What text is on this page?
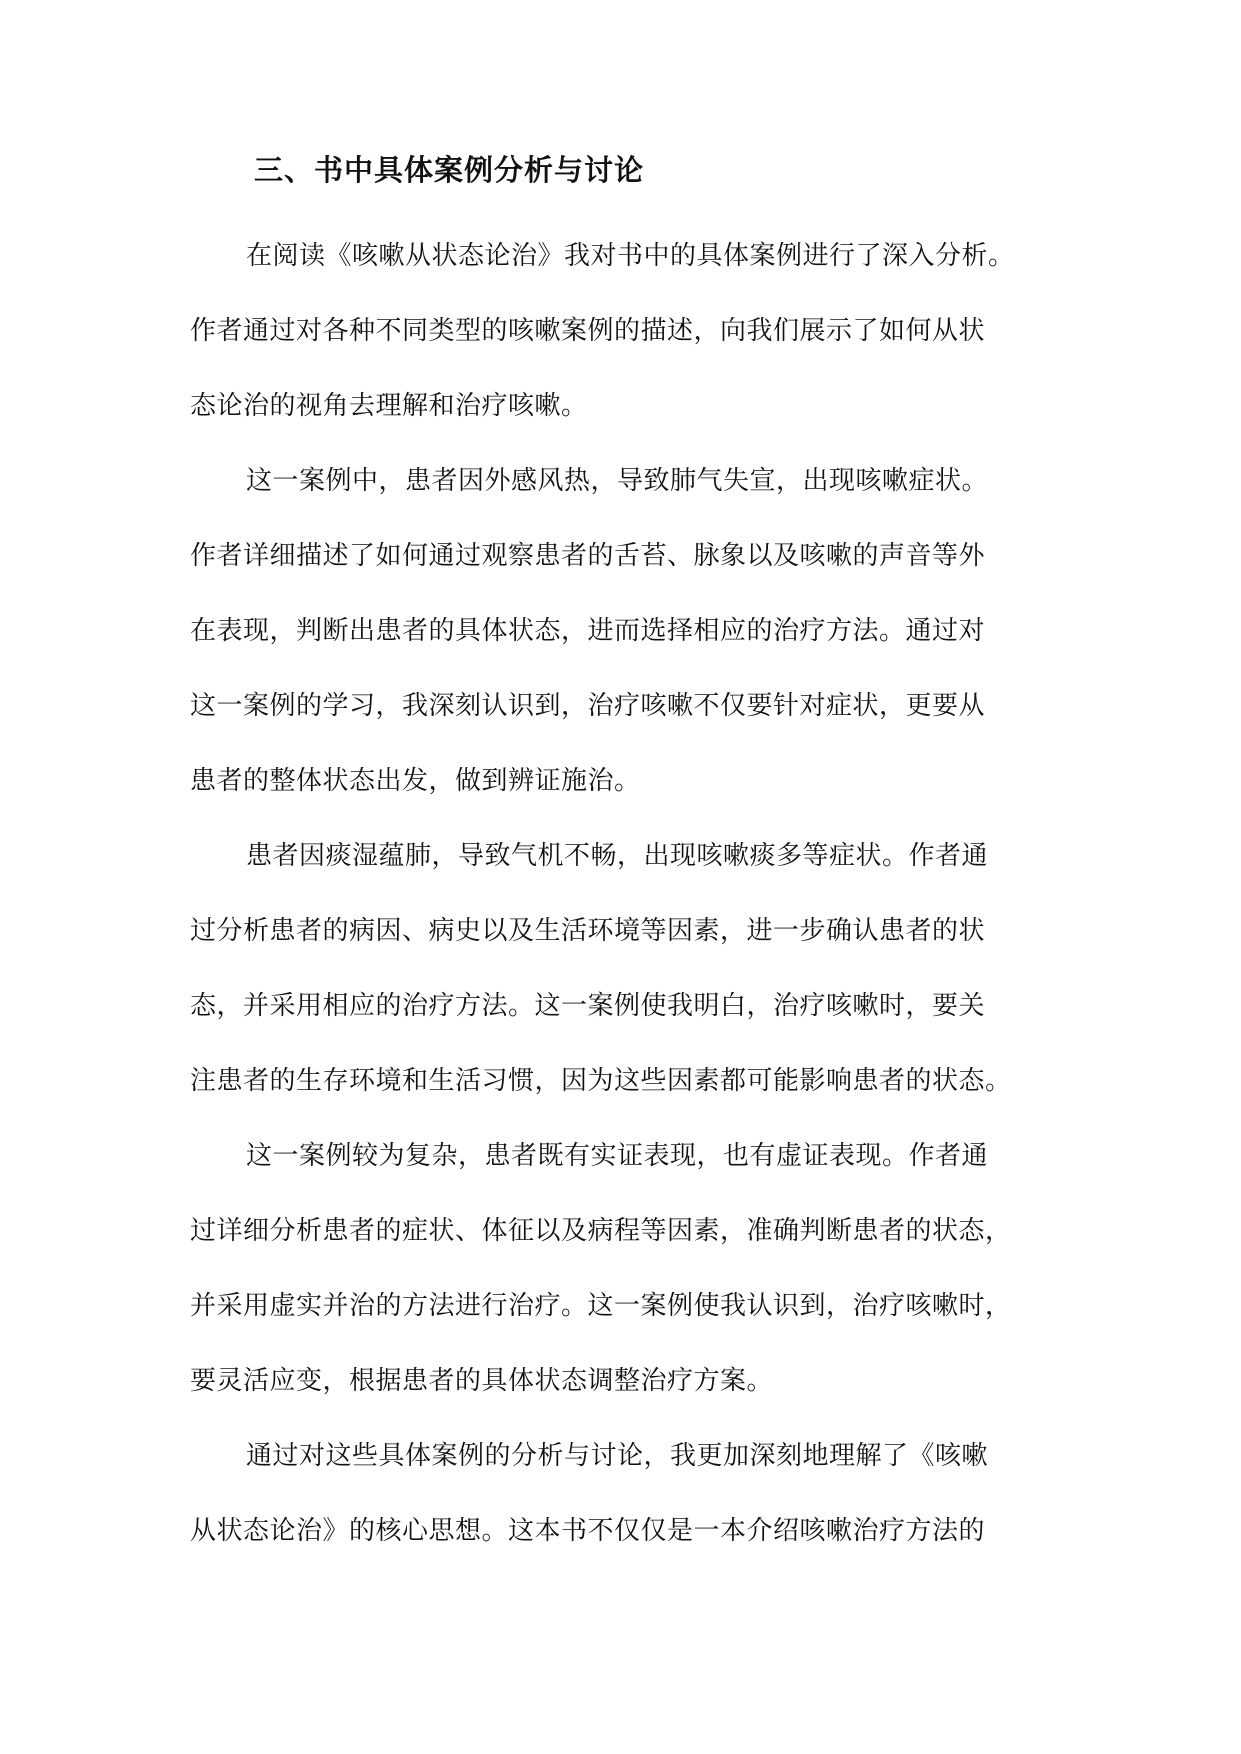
三、书中具体案例分析与讨论
在阅读《咳嗽从状态论治》我对书中的具体案例进行了深入分析。
作者通过对各种不同类型的咳嗽案例的描述，向我们展示了如何从状
态论治的视角去理解和治疗咳嗽。
这一案例中，患者因外感风热，导致肺气失宣，出现咳嗽症状。
作者详细描述了如何通过观察患者的舌苔、脉象以及咳嗽的声音等外
在表现，判断出患者的具体状态，进而选择相应的治疗方法。通过对
这一案例的学习，我深刻认识到，治疗咳嗽不仅要针对症状，更要从
患者的整体状态出发，做到辨证施治。
患者因痰湿蕴肺，导致气机不畅，出现咳嗽痰多等症状。作者通
过分析患者的病因、病史以及生活环境等因素，进一步确认患者的状
态，并采用相应的治疗方法。这一案例使我明白，治疗咳嗽时，要关
注患者的生存环境和生活习惯，因为这些因素都可能影响患者的状态。
这一案例较为复杂，患者既有实证表现，也有虚证表现。作者通
过详细分析患者的症状、体征以及病程等因素，准确判断患者的状态，
并采用虚实并治的方法进行治疗。这一案例使我认识到，治疗咳嗽时，
要灵活应变，根据患者的具体状态调整治疗方案。
通过对这些具体案例的分析与讨论，我更加深刻地理解了《咳嗽
从状态论治》的核心思想。这本书不仅仅是一本介绍咳嗽治疗方法的
